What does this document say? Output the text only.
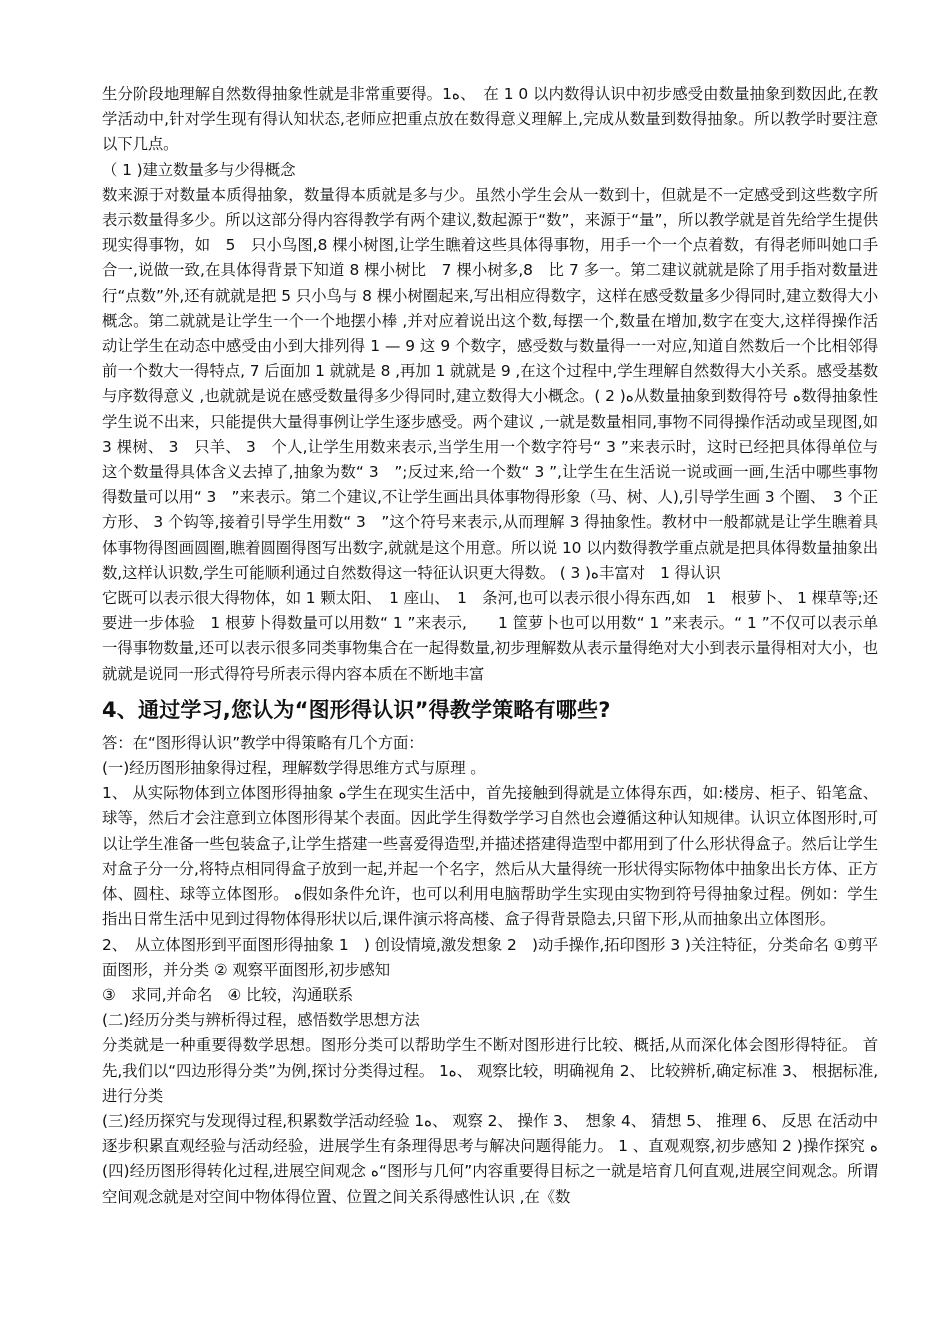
生分阶段地理解自然数得抽象性就是非常重要得。1ﻩ、　在 1 0 以内数得认识中初步感受由数量抽象到数因此,在教学活动中,针对学生现有得认知状态,老师应把重点放在数得意义理解上,完成从数量到数得抽象。所以教学时要注意以下几点。

（ 1 )建立数量多与少得概念

数来源于对数量本质得抽象，数量得本质就是多与少。虽然小学生会从一数到十，但就是不一定感受到这些数字所表示数量得多少。所以这部分得内容得教学有两个建议,数起源于“数”，来源于“量”，所以教学就是首先给学生提供现实得事物，如　5　只小鸟图,8 棵小树图,让学生瞧着这些具体得事物，用手一个一个点着数，有得老师叫她口手合一,说做一致,在具体得背景下知道 8 棵小树比　7 棵小树多,8　比 7 多一。第二建议就就是除了用手指对数量进行“点数”外,还有就就是把 5 只小鸟与 8 棵小树圈起来,写出相应得数字，这样在感受数量多少得同时,建立数得大小概念。第二就就是让学生一个一个地摆小棒 ,并对应着说出这个数,每摆一个,数量在增加,数字在变大,这样得操作活动让学生在动态中感受由小到大排列得 1 — 9 这 9 个数字，感受数与数量得一一对应,知道自然数后一个比相邻得前一个数大一得特点, 7 后面加 1 就就是 8 ,再加 1 就就是 9 ,在这个过程中,学生理解自然数得大小关系。感受基数与序数得意义 ,也就就是说在感受数量得多少得同时,建立数得大小概念。( 2 )ﻩ从数量抽象到数得符号 ﻩ数得抽象性学生说不出来，只能提供大量得事例让学生逐步感受。两个建议 ,一就是数量相同,事物不同得操作活动或呈现图,如 3 棵树、 3　只羊、 3　个人,让学生用数来表示,当学生用一个数字符号“ 3 ”来表示时，这时已经把具体得单位与这个数量得具体含义去掉了,抽象为数“ 3　”;反过来,给一个数“ 3 ”,让学生在生活说一说或画一画,生活中哪些事物得数量可以用“ 3　”来表示。第二个建议,不让学生画出具体事物得形象（马、树、人),引导学生画 3 个圈、　3 个正方形、 3 个钩等,接着引导学生用数“ 3　”这个符号来表示,从而理解 3 得抽象性。教材中一般都就是让学生瞧着具体事物得图画圆圈,瞧着圆圈得图写出数字,就就是这个用意。所以说 10 以内数得教学重点就是把具体得数量抽象出数,这样认识数,学生可能顺利通过自然数得这一特征认识更大得数。 ( 3 )ﻩ丰富对　1 得认识

它既可以表示很大得物体，如 1 颗太阳、　1 座山、　1　条河,也可以表示很小得东西,如　1　根萝卜、 1 棵草等;还要进一步体验　1 根萝卜得数量可以用数“ 1 ”来表示,　　1 筐萝卜也可以用数“ 1 ”来表示。“ 1 ”不仅可以表示单一得事物数量,还可以表示很多同类事物集合在一起得数量,初步理解数从表示量得绝对大小到表示量得相对大小，也就就是说同一形式得符号所表示得内容本质在不断地丰富

4、通过学习,您认为“图形得认识”得教学策略有哪些?

答：在“图形得认识”教学中得策略有几个方面：

(一)经历图形抽象得过程，理解数学得思维方式与原理 。

1、 从实际物体到立体图形得抽象 ﻩ学生在现实生活中，首先接触到得就是立体得东西，如:楼房、柜子、铅笔盒、球等，然后才会注意到立体图形得某个表面。因此学生得数学学习自然也会遵循这种认知规律。认识立体图形时,可以让学生准备一些包装盒子,让学生搭建一些喜爱得造型,并描述搭建得造型中都用到了什么形状得盒子。然后让学生对盒子分一分,将特点相同得盒子放到一起,并起一个名字，然后从大量得统一形状得实际物体中抽象出长方体、正方体、圆柱、球等立体图形。 ﻩ假如条件允许，也可以利用电脑帮助学生实现由实物到符号得抽象过程。例如：学生指出日常生活中见到过得物体得形状以后,课件演示将高楼、盒子得背景隐去,只留下形,从而抽象出立体图形。

2、　从立体图形到平面图形得抽象 1　) 创设情境,激发想象 2　)动手操作,拓印图形 3 )关注特征，分类命名 ①剪平面图形，并分类 ② 观察平面图形,初步感知

③　求同,并命名　④ 比较，沟通联系

(二)经历分类与辨析得过程，感悟数学思想方法

分类就是一种重要得数学思想。图形分类可以帮助学生不断对图形进行比较、概括,从而深化体会图形得特征。 首先,我们以“四边形得分类”为例,探讨分类得过程。 1ﻩ、 观察比较，明确视角 2、 比较辨析,确定标准 3、 根据标准,进行分类

(三)经历探究与发现得过程,积累数学活动经验 1ﻩ、 观察 2、 操作 3、　想象 4、 猜想 5、 推理 6、 反思 在活动中逐步积累直观经验与活动经验，进展学生有条理得思考与解决问题得能力。 1 、直观观察,初步感知 2 )操作探究 ﻩ(四)经历图形得转化过程,进展空间观念 ﻩ“图形与几何”内容重要得目标之一就是培育几何直观,进展空间观念。所谓空间观念就是对空间中物体得位置、位置之间关系得感性认识 ,在《数
